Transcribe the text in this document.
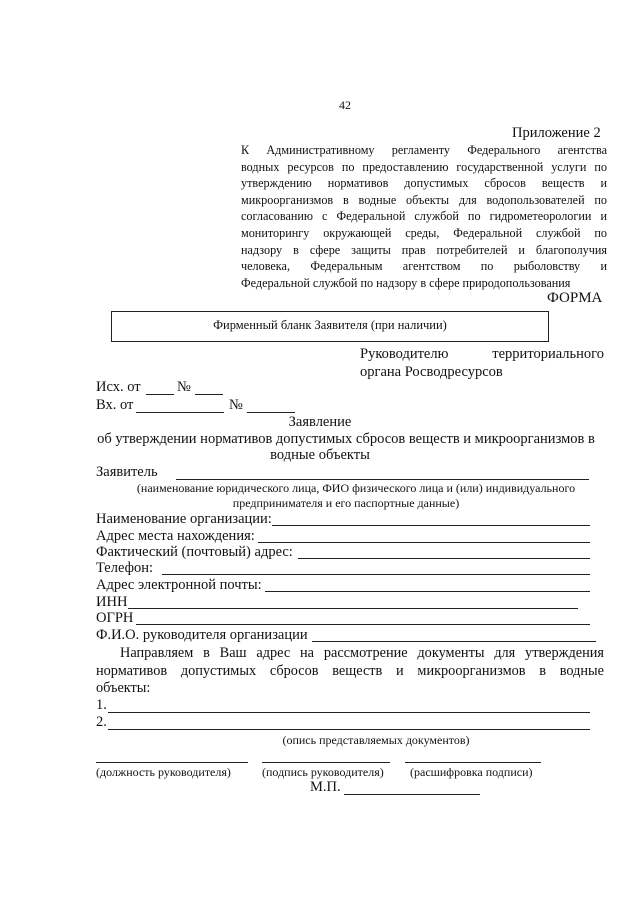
42
Приложение 2
К Административному регламенту Федерального агентства
водных ресурсов по предоставлению государственной услуги по
утверждению нормативов допустимых сбросов веществ и
микроорганизмов в водные объекты для водопользователей по
согласованию с Федеральной службой по гидрометеорологии и
мониторингу окружающей среды, Федеральной службой по
надзору в сфере защиты прав потребителей и благополучия
человека, Федеральным агентством по рыболовству и
Федеральной службой по надзору в сфере природопользования
ФОРМА
Фирменный бланк Заявителя (при наличии)
Руководителю территориального
органа Росводресурсов
Исх. от	№
Вх. от	№
Заявление
об утверждении нормативов допустимых сбросов веществ и микроорганизмов в
водные объекты
Заявитель
(наименование юридического лица, ФИО физического лица и (или) индивидуального
предпринимателя и его паспортные данные)
Наименование организации:
Адрес места нахождения:
Фактический (почтовый) адрес:
Телефон:
Адрес электронной почты:
ИНН
ОГРН
Ф.И.О. руководителя организации
Направляем в Ваш адрес на рассмотрение документы для утверждения
нормативов допустимых сбросов веществ и микроорганизмов в водные
объекты:
1.
2.
(опись представляемых документов)
(должность руководителя)	(подпись руководителя) (расшифровка подписи)
М.П.
